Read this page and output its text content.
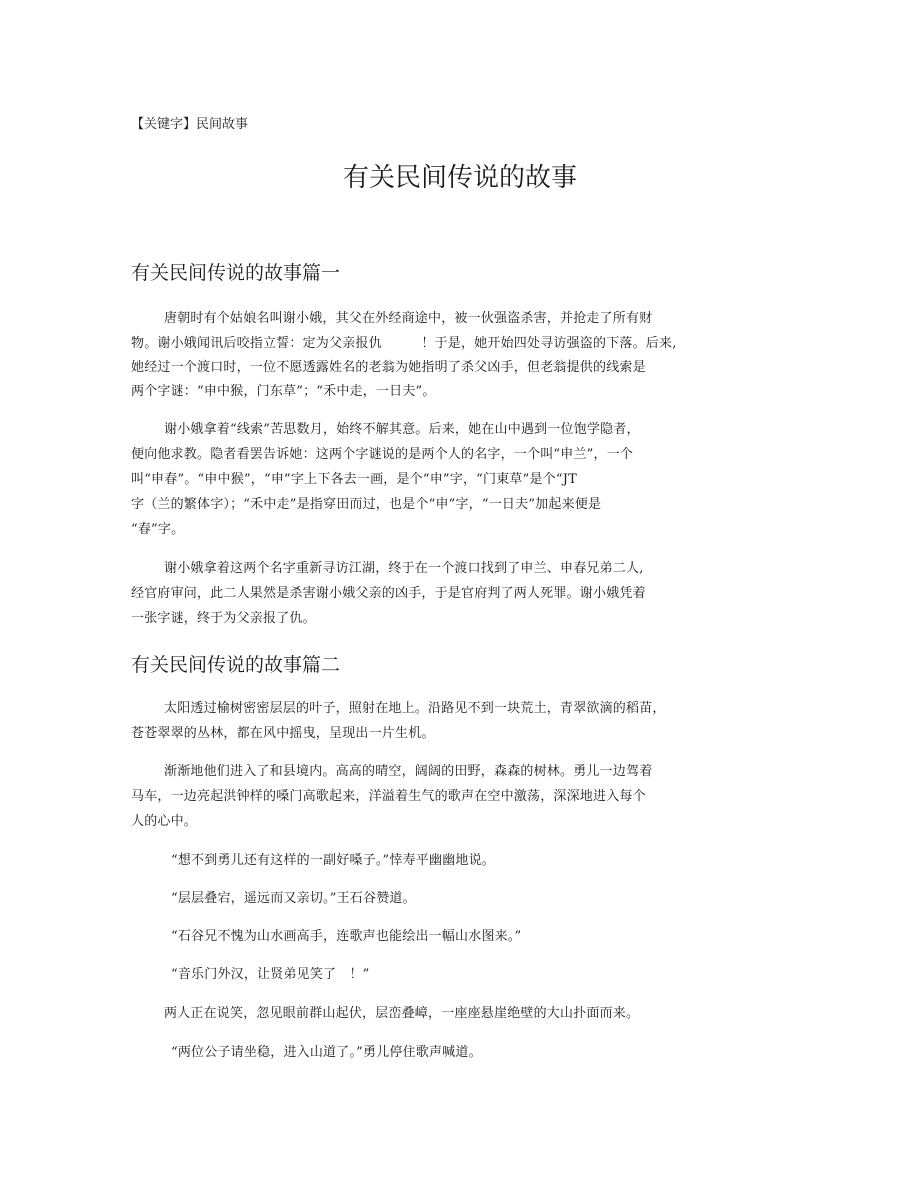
【关键字】民间故事
有关民间传说的故事
有关民间传说的故事篇一
唐朝时有个姑娘名叫谢小娥，其父在外经商途中，被一伙强盗杀害，并抢走了所有财
物。谢小娥闻讯后咬指立誓：定为父亲报仇　　　！于是，她开始四处寻访强盗的下落。后来,
她经过一个渡口时，一位不愿透露姓名的老翁为她指明了杀父凶手，但老翁提供的线索是
两个字谜：“申中猴，门东草”；“禾中走，一日夫”。
谢小娥拿着“线索”苦思数月，始终不解其意。后来，她在山中遇到一位饱学隐者，
便向他求教。隐者看罢告诉她：这两个字谜说的是两个人的名字，一个叫“申兰”，一个
叫“申春”。“申中猴”，“申”字上下各去一画，是个“申”字，“门東草”是个“JT
字（兰的繁体字）；“禾中走”是指穿田而过，也是个“申”字，“一日夫”加起来便是
“春”字。
谢小娥拿着这两个名字重新寻访江湖，终于在一个渡口找到了申兰、申春兄弟二人,
经官府审问，此二人果然是杀害谢小娥父亲的凶手，于是官府判了两人死罪。谢小娥凭着
一张字谜，终于为父亲报了仇。
有关民间传说的故事篇二
太阳透过榆树密密层层的叶子，照射在地上。沿路见不到一块荒土，青翠欲滴的稻苗，
苍苍翠翠的丛林，都在风中摇曳，呈现出一片生机。
渐渐地他们进入了和县境内。高高的晴空，阔阔的田野，森森的树林。勇儿一边驾着
马车，一边亮起洪钟样的嗓门高歌起来，洋溢着生气的歌声在空中激荡，深深地进入每个
人的心中。
“想不到勇儿还有这样的一副好嗓子。”悻寿平幽幽地说。
“层层叠宕，遥远而又亲切。”王石谷赞道。
“石谷兄不愧为山水画高手，连歌声也能绘出一幅山水图来。”
“音乐门外汉，让贤弟见笑了　！”
两人正在说笑，忽见眼前群山起伏，层峦叠嶂，一座座悬崖绝壁的大山扑面而来。
“两位公子请坐稳，进入山道了。”勇儿停住歌声喊道。
